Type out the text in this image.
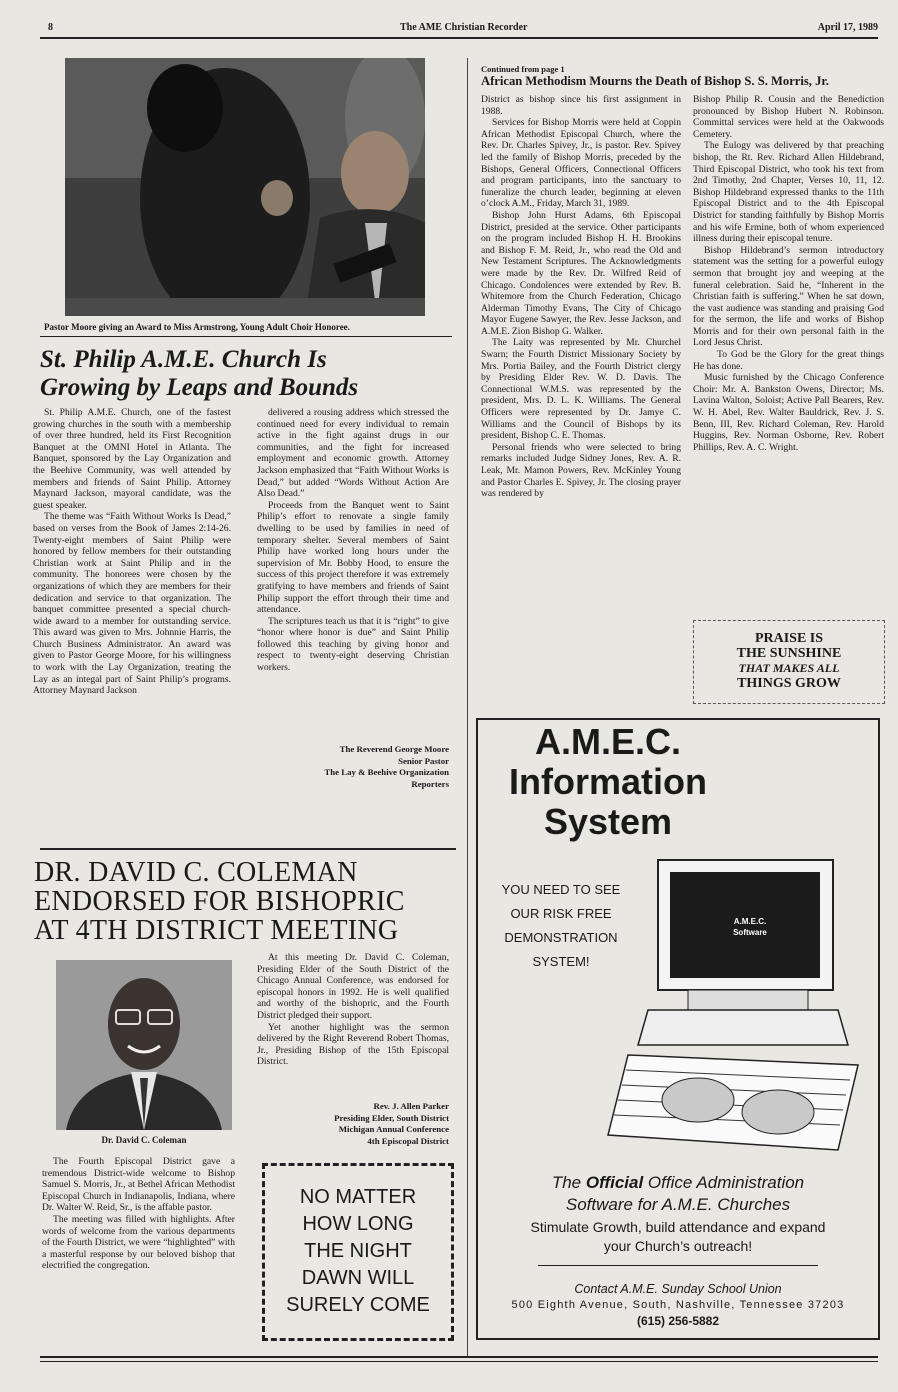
8	The AME Christian Recorder	April 17, 1989
Pastor Moore giving an Award to Miss Armstrong, Young Adult Choir Honoree.
St. Philip A.M.E. Church Is
Growing by Leaps and Bounds

St. Philip A.M.E. Church, one of the fastest growing churches in the south with a membership of over three hundred, held its First Recognition Banquet at the OMNI Hotel in Atlanta. The Banquet, sponsored by the Lay Organization and the Beehive Community, was well attended by members and friends of Saint Philip. Attorney Maynard Jackson, mayoral candidate, was the guest speaker.

The theme was “Faith Without Works Is Dead,” based on verses from the Book of James 2:14-26. Twenty-eight members of Saint Philip were honored by fellow members for their outstanding Christian work at Saint Philip and in the community. The honorees were chosen by the organizations of which they are members for their dedication and service to that organization. The banquet committee presented a special church-wide award to a member for outstanding service. This award was given to Mrs. Johnnie Harris, the Church Business Administrator. An award was given to Pastor George Moore, for his willingness to work with the Lay Organization, treating the Lay as an integal part of Saint Philip’s programs. Attorney Maynard Jackson

delivered a rousing address which stressed the continued need for every individual to remain active in the fight against drugs in our communities, and the fight for increased employment and economic growth. Attorney Jackson emphasized that “Faith Without Works is Dead,” but added “Words Without Action Are Also Dead.”

Proceeds from the Banquet went to Saint Philip’s effort to renovate a single family dwelling to be used by families in need of temporary shelter. Several members of Saint Philip have worked long hours under the supervision of Mr. Bobby Hood, to ensure the success of this project therefore it was extremely gratifying to have members and friends of Saint Philip support the effort through their time and attendance.

The scriptures teach us that it is “right” to give “honor where honor is due” and Saint Philip followed this teaching by giving honor and respect to twenty-eight deserving Christian workers.

The Reverend George Moore
Senior Pastor
The Lay & Beehive Organization
Reporters
Continued from page 1
African Methodism Mourns the Death of Bishop S. S. Morris, Jr.

District as bishop since his first assignment in 1988.

Services for Bishop Morris were held at Coppin African Methodist Episcopal Church, where the Rev. Dr. Charles Spivey, Jr., is pastor. Rev. Spivey led the family of Bishop Morris, preceded by the Bishops, General Officers, Connectional Officers and program participants, into the sanctuary to funeralize the church leader, beginning at eleven o’clock A.M., Friday, March 31, 1989.

Bishop John Hurst Adams, 6th Episcopal District, presided at the service. Other participants on the program included Bishop H. H. Brookins and Bishop F. M. Reid, Jr., who read the Old and New Testament Scriptures. The Acknowledgments were made by the Rev. Dr. Wilfred Reid of Chicago. Condolences were extended by Rev. B. Whitemore from the Church Federation, Chicago Alderman Timothy Evans, The City of Chicago Mayor Eugene Sawyer, the Rev. Jesse Jackson, and A.M.E. Zion Bishop G. Walker.

The Laity was represented by Mr. Churchel Swarn; the Fourth District Missionary Society by Mrs. Portia Bailey, and the Fourth District clergy by Presiding Elder Rev. W. D. Davis. The Connectional W.M.S. was represented by the president, Mrs. D. L. K. Williams. The General Officers were represented by Dr. Jamye C. Williams and the Council of Bishops by its president, Bishop C. E. Thomas.

Personal friends who were selected to bring remarks included Judge Sidney Jones, Rev. A. R. Leak, Mr. Mamon Powers, Rev. McKinley Young and Pastor Charles E. Spivey, Jr. The closing prayer was rendered by

Bishop Philip R. Cousin and the Benediction pronounced by Bishop Hubert N. Robinson. Committal services were held at the Oakwoods Cemetery.

The Eulogy was delivered by that preaching bishop, the Rt. Rev. Richard Allen Hildebrand, Third Episcopal District, who took his text from 2nd Timothy, 2nd Chapter, Verses 10, 11, 12. Bishop Hildebrand expressed thanks to the 11th Episcopal District and to the 4th Episcopal District for standing faithfully by Bishop Morris and his wife Ermine, both of whom experienced illness during their episcopal tenure.

Bishop Hildebrand’s sermon introductory statement was the setting for a powerful eulogy sermon that brought joy and weeping at the funeral celebration. Said he, “Inherent in the Christian faith is suffering.” When he sat down, the vast audience was standing and praising God for the sermon, the life and works of Bishop Morris and for their own personal faith in the Lord Jesus Christ.

To God be the Glory for the great things He has done.

Music furnished by the Chicago Conference Choir: Mr. A. Bankston Owens, Director; Ms. Lavina Walton, Soloist; Active Pall Bearers, Rev. W. H. Abel, Rev. Walter Bauldrick, Rev. J. S. Benn, III, Rev. Richard Coleman, Rev. Harold Huggins, Rev. Norman Osborne, Rev. Robert Phillips, Rev. A. C. Wright.

PRAISE IS
THE SUNSHINE
THAT MAKES ALL
THINGS GROW
DR. DAVID C. COLEMAN
ENDORSED FOR BISHOPRIC
AT 4TH DISTRICT MEETING
Dr. David C. Coleman

At this meeting Dr. David C. Coleman, Presiding Elder of the South District of the Chicago Annual Conference, was endorsed for episcopal honors in 1992. He is well qualified and worthy of the bishopric, and the Fourth District pledged their support.

Yet another highlight was the sermon delivered by the Right Reverend Robert Thomas, Jr., Presiding Bishop of the 15th Episcopal District.

Rev. J. Allen Parker
Presiding Elder, South District
Michigan Annual Conference
4th Episcopal District

The Fourth Episcopal District gave a tremendous District-wide welcome to Bishop Samuel S. Morris, Jr., at Bethel African Methodist Episcopal Church in Indianapolis, Indiana, where Dr. Walter W. Reid, Sr., is the affable pastor.

The meeting was filled with highlights. After words of welcome from the various departments of the Fourth District, we were “highlighted” with a masterful response by our beloved bishop that electrified the congregation.

NO MATTER
HOW LONG
THE NIGHT
DAWN WILL
SURELY COME
A.M.E.C.
Information
System
YOU NEED TO SEE
OUR RISK FREE
DEMONSTRATION
SYSTEM!
A.M.E.C.
Software
The Official Office Administration
Software for A.M.E. Churches
Stimulate Growth, build attendance and expand
your Church’s outreach!
Contact A.M.E. Sunday School Union
500 Eighth Avenue, South, Nashville, Tennessee 37203
(615) 256-5882
